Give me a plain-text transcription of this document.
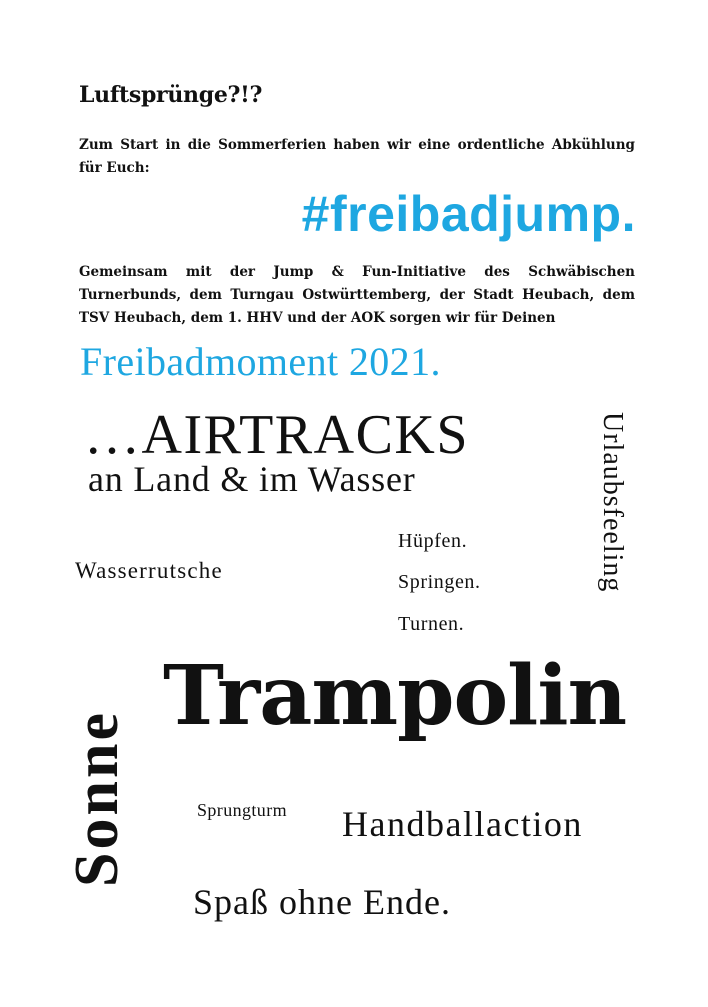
Luftsprünge?!?

Zum Start in die Sommerferien haben wir eine ordentliche Abkühlung für Euch:

#freibadjump.

Gemeinsam mit der Jump & Fun-Initiative des Schwäbischen Turnerbunds, dem Turngau Ostwürttemberg, der Stadt Heubach, dem TSV Heubach, dem 1. HHV und der AOK sorgen wir für Deinen

Freibadmoment 2021.
…AIRTRACKS
an Land & im Wasser	Urlaubsfeeling
Wasserrutsche
Hüpfen.
Springen.
Turnen.
Trampolin
Sonne	Sprungturm Handballaction
Spaß ohne Ende.
